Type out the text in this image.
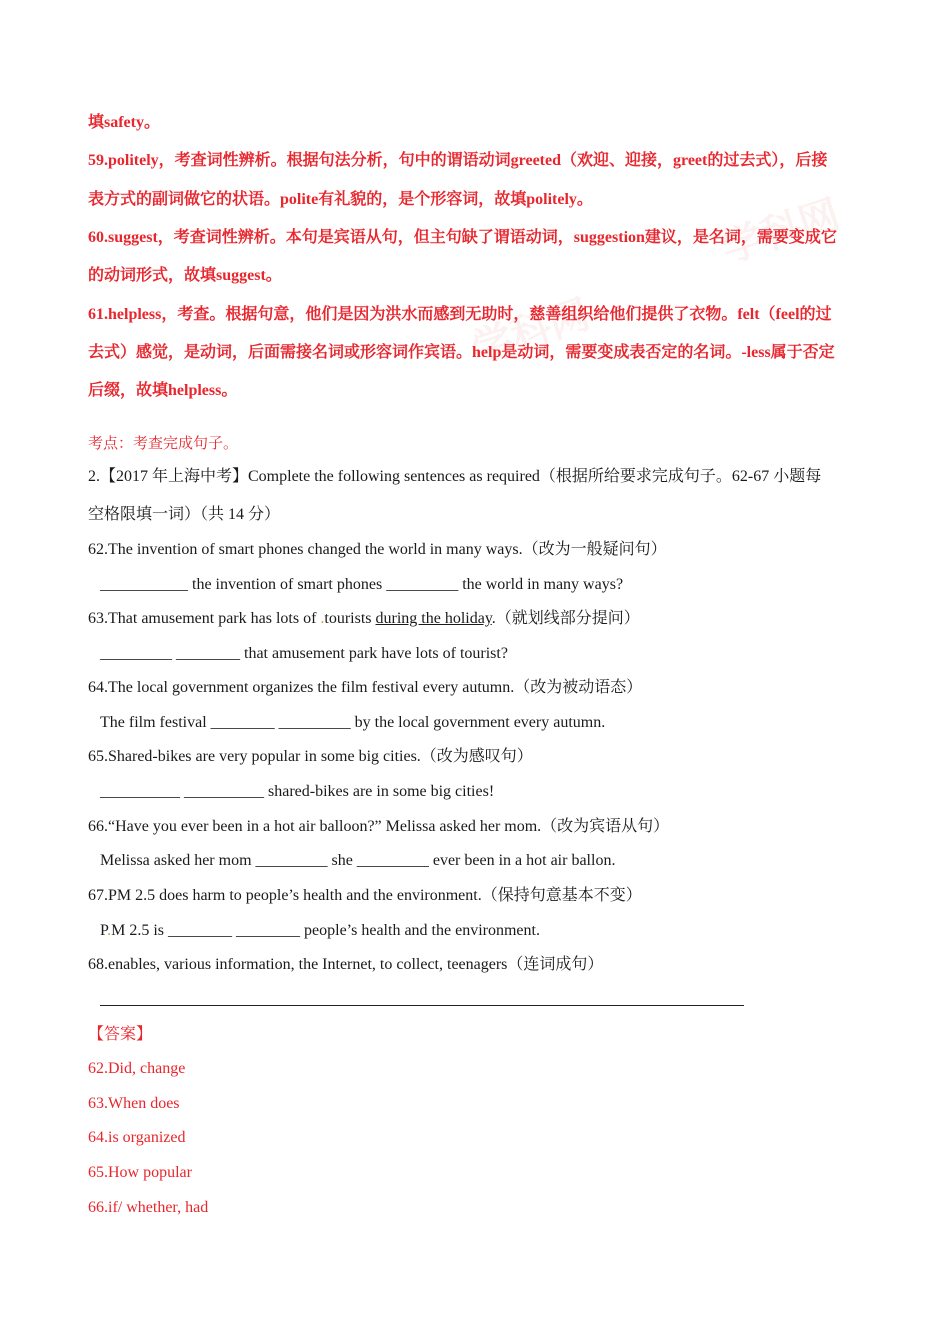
学科网
学科网
填safety。
59.politely，考查词性辨析。根据句法分析，句中的谓语动词greeted（欢迎、迎接，greet的过去式），后接
表方式的副词做它的状语。polite有礼貌的，是个形容词，故填politely。
60.suggest，考查词性辨析。本句是宾语从句，但主句缺了谓语动词，suggestion建议，是名词，需要变成它
的动词形式，故填suggest。
61.helpless，考查。根据句意，他们是因为洪水而感到无助时，慈善组织给他们提供了衣物。felt（feel的过
去式）感觉，是动词，后面需接名词或形容词作宾语。help是动词，需要变成表否定的名词。-less属于否定
后缀，故填helpless。
考点：考查完成句子。
2.【2017 年上海中考】Complete the following sentences as required（根据所给要求完成句子。62-67 小题每
空格限填一词）（共 14 分）
62.The invention of smart phones changed the world in many ways.（改为一般疑问句）
___________ the invention of smart phones _________ the world in many ways?
63.That amusement park has lots of .tourists during the holiday.（就划线部分提问）
_________ ________ that amusement park have lots of tourist?
64.The local government organizes the film festival every autumn.（改为被动语态）
The film festival ________ _________ by the local government every autumn.
65.Shared-bikes are very popular in some big cities.（改为感叹句）
__________ __________ shared-bikes are in some big cities!
66.“Have you ever been in a hot air balloon?” Melissa asked her mom.（改为宾语从句）
Melissa asked her mom _________ she _________ ever been in a hot air ballon.
67.PM 2.5 does harm to people’s health and the environment.（保持句意基本不变）
P.M 2.5 is ________ ________ people’s health and the environment.
68.enables, various information, the Internet, to collect, teenagers（连词成句）
【答案】
62.Did, change
63.When does
64.is organized
65.How popular
66.if/ whether, had
